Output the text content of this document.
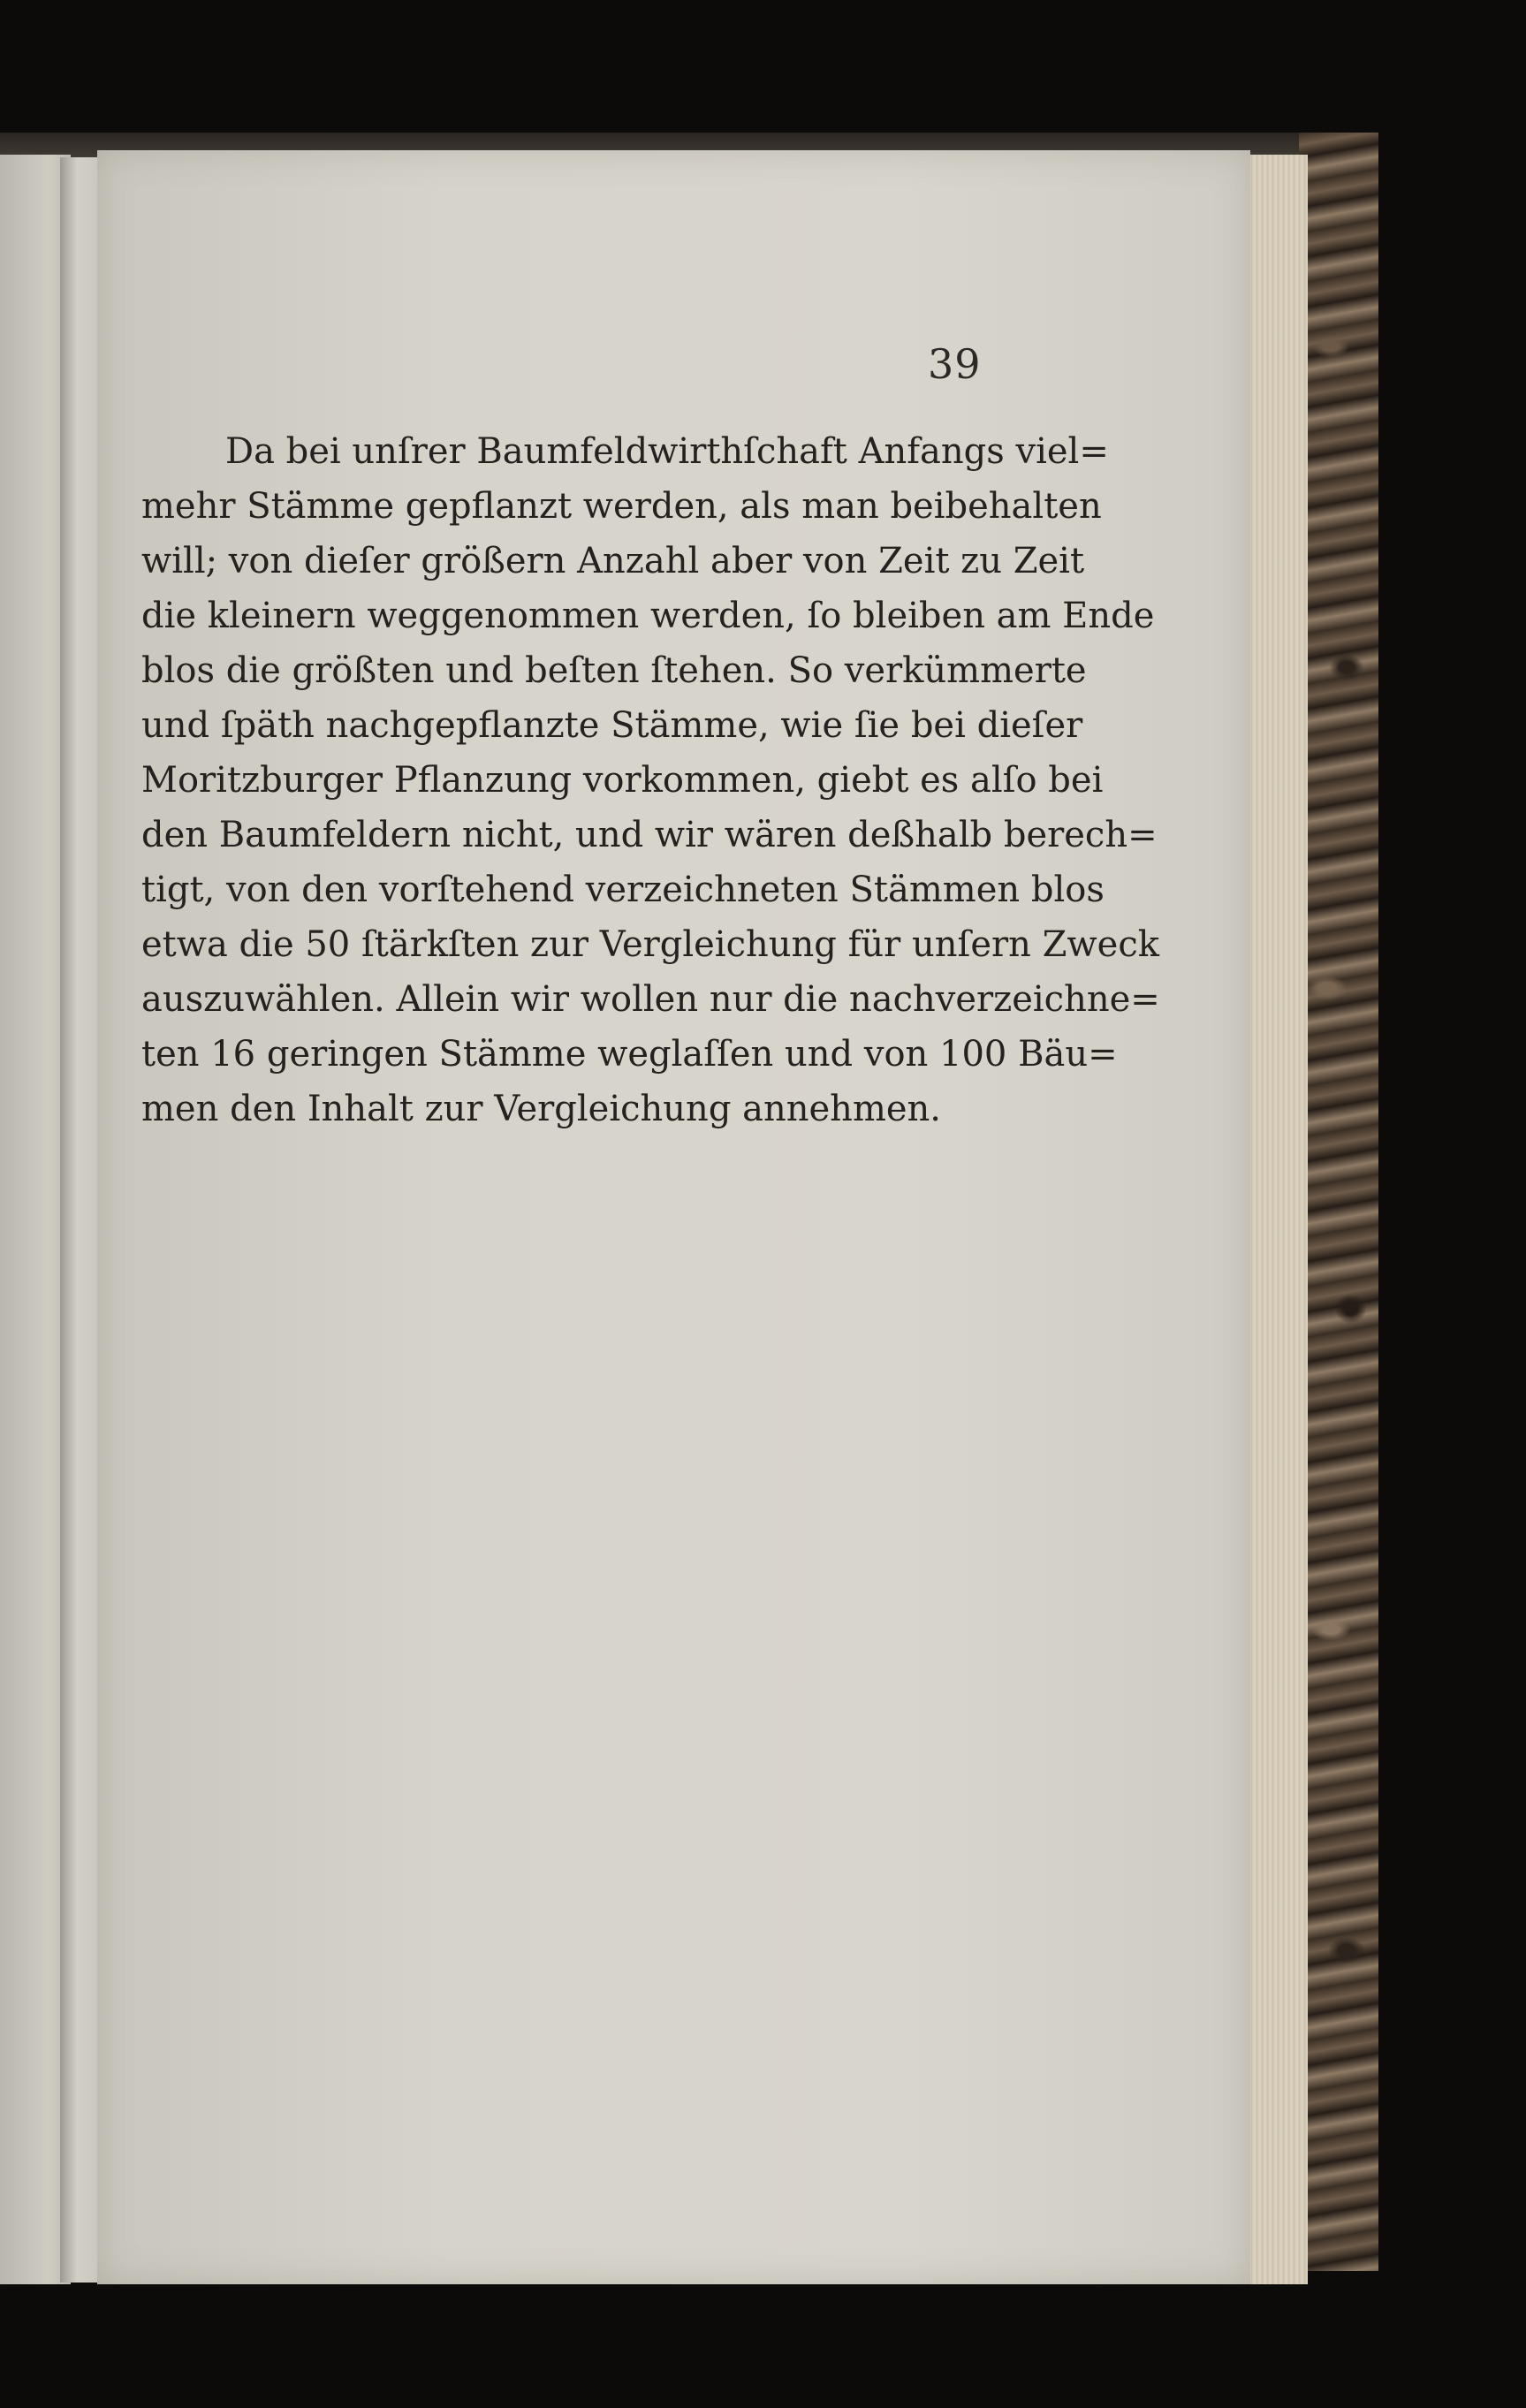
39
Da bei unſrer Baumfeldwirthſchaft Anfangs viel=
mehr Stämme gepflanzt werden, als man beibehalten
will; von dieſer größern Anzahl aber von Zeit zu Zeit
die kleinern weggenommen werden, ſo bleiben am Ende
blos die größten und beſten ſtehen. So verkümmerte
und ſpäth nachgepflanzte Stämme, wie ſie bei dieſer
Moritzburger Pflanzung vorkommen, giebt es alſo bei
den Baumfeldern nicht, und wir wären deßhalb berech=
tigt, von den vorſtehend verzeichneten Stämmen blos
etwa die 50 ſtärkſten zur Vergleichung für unſern Zweck
auszuwählen. Allein wir wollen nur die nachverzeichne=
ten 16 geringen Stämme weglaſſen und von 100 Bäu=
men den Inhalt zur Vergleichung annehmen.
